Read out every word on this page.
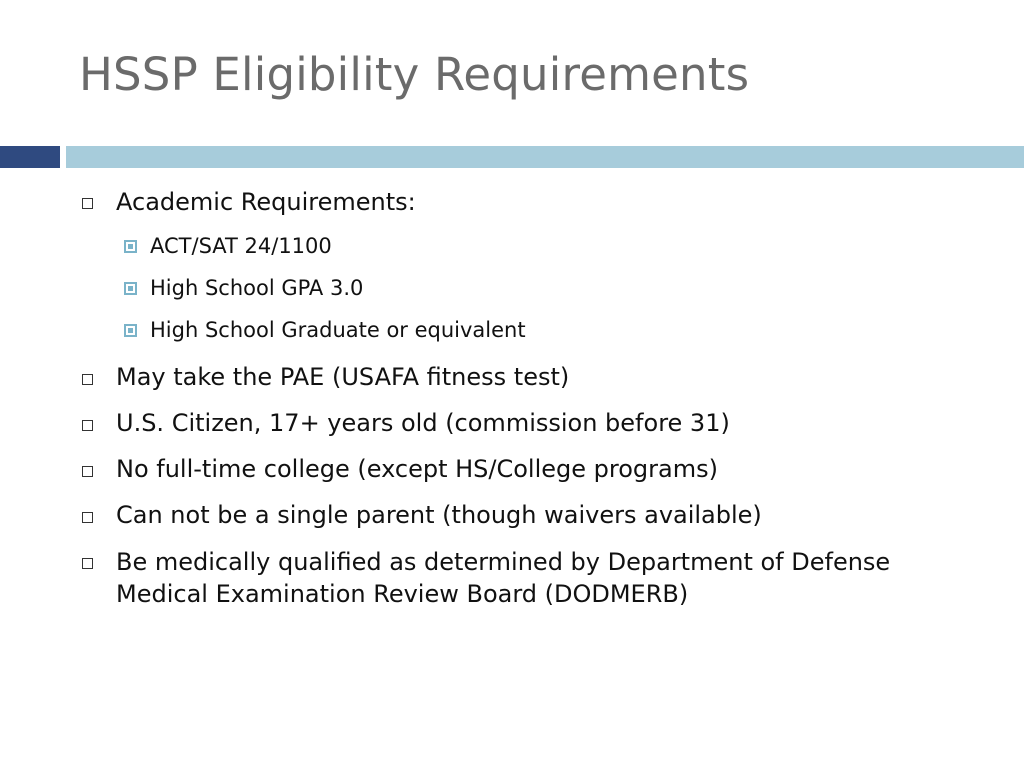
HSSP Eligibility Requirements
Academic Requirements:
ACT/SAT 24/1100
High School GPA 3.0
High School Graduate or equivalent
May take the PAE (USAFA fitness test)
U.S. Citizen, 17+ years old (commission before 31)
No full-time college (except HS/College programs)
Can not be a single parent (though waivers available)
Be medically qualified as determined by Department of Defense Medical Examination Review Board (DODMERB)
